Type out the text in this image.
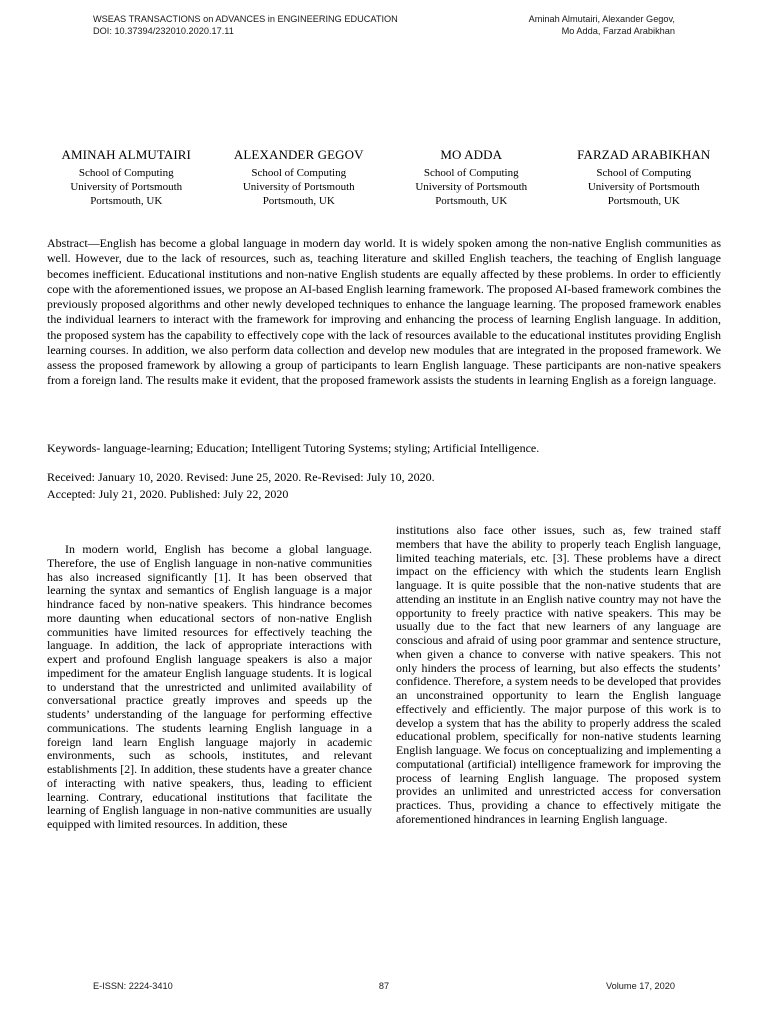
WSEAS TRANSACTIONS on ADVANCES in ENGINEERING EDUCATION
DOI: 10.37394/232010.2020.17.11
Aminah Almutairi, Alexander Gegov,
Mo Adda, Farzad Arabikhan
AMINAH ALMUTAIRI
School of Computing
University of Portsmouth
Portsmouth, UK
ALEXANDER GEGOV
School of Computing
University of Portsmouth
Portsmouth, UK
MO ADDA
School of Computing
University of Portsmouth
Portsmouth, UK
FARZAD ARABIKHAN
School of Computing
University of Portsmouth
Portsmouth, UK

Abstract—English has become a global language in modern day world. It is widely spoken among the non-native English communities as well. However, due to the lack of resources, such as, teaching literature and skilled English teachers, the teaching of English language becomes inefficient. Educational institutions and non-native English students are equally affected by these problems. In order to efficiently cope with the aforementioned issues, we propose an AI-based English learning framework. The proposed AI-based framework combines the previously proposed algorithms and other newly developed techniques to enhance the language learning. The proposed framework enables the individual learners to interact with the framework for improving and enhancing the process of learning English language. In addition, the proposed system has the capability to effectively cope with the lack of resources available to the educational institutes providing English learning courses. In addition, we also perform data collection and develop new modules that are integrated in the proposed framework. We assess the proposed framework by allowing a group of participants to learn English language. These participants are non-native speakers from a foreign land. The results make it evident, that the proposed framework assists the students in learning English as a foreign language.

Keywords- language-learning; Education; Intelligent Tutoring Systems; styling; Artificial Intelligence.

Received: January 10, 2020. Revised: June 25, 2020. Re-Revised: July 10, 2020.
Accepted: July 21, 2020. Published: July 22, 2020

In modern world, English has become a global language. Therefore, the use of English language in non-native communities has also increased significantly [1]. It has been observed that learning the syntax and semantics of English language is a major hindrance faced by non-native speakers. This hindrance becomes more daunting when educational sectors of non-native English communities have limited resources for effectively teaching the language. In addition, the lack of appropriate interactions with expert and profound English language speakers is also a major impediment for the amateur English language students. It is logical to understand that the unrestricted and unlimited availability of conversational practice greatly improves and speeds up the students’ understanding of the language for performing effective communications. The students learning English language in a foreign land learn English language majorly in academic environments, such as schools, institutes, and relevant establishments [2]. In addition, these students have a greater chance of interacting with native speakers, thus, leading to efficient learning. Contrary, educational institutions that facilitate the learning of English language in non-native communities are usually equipped with limited resources. In addition, these

institutions also face other issues, such as, few trained staff members that have the ability to properly teach English language, limited teaching materials, etc. [3]. These problems have a direct impact on the efficiency with which the students learn English language. It is quite possible that the non-native students that are attending an institute in an English native country may not have the opportunity to freely practice with native speakers. This may be usually due to the fact that new learners of any language are conscious and afraid of using poor grammar and sentence structure, when given a chance to converse with native speakers. This not only hinders the process of learning, but also effects the students’ confidence. Therefore, a system needs to be developed that provides an unconstrained opportunity to learn the English language effectively and efficiently. The major purpose of this work is to develop a system that has the ability to properly address the scaled educational problem, specifically for non-native students learning English language. We focus on conceptualizing and implementing a computational (artificial) intelligence framework for improving the process of learning English language. The proposed system provides an unlimited and unrestricted access for conversation practices. Thus, providing a chance to effectively mitigate the aforementioned hindrances in learning English language.

E-ISSN: 2224-3410	87	Volume 17, 2020
